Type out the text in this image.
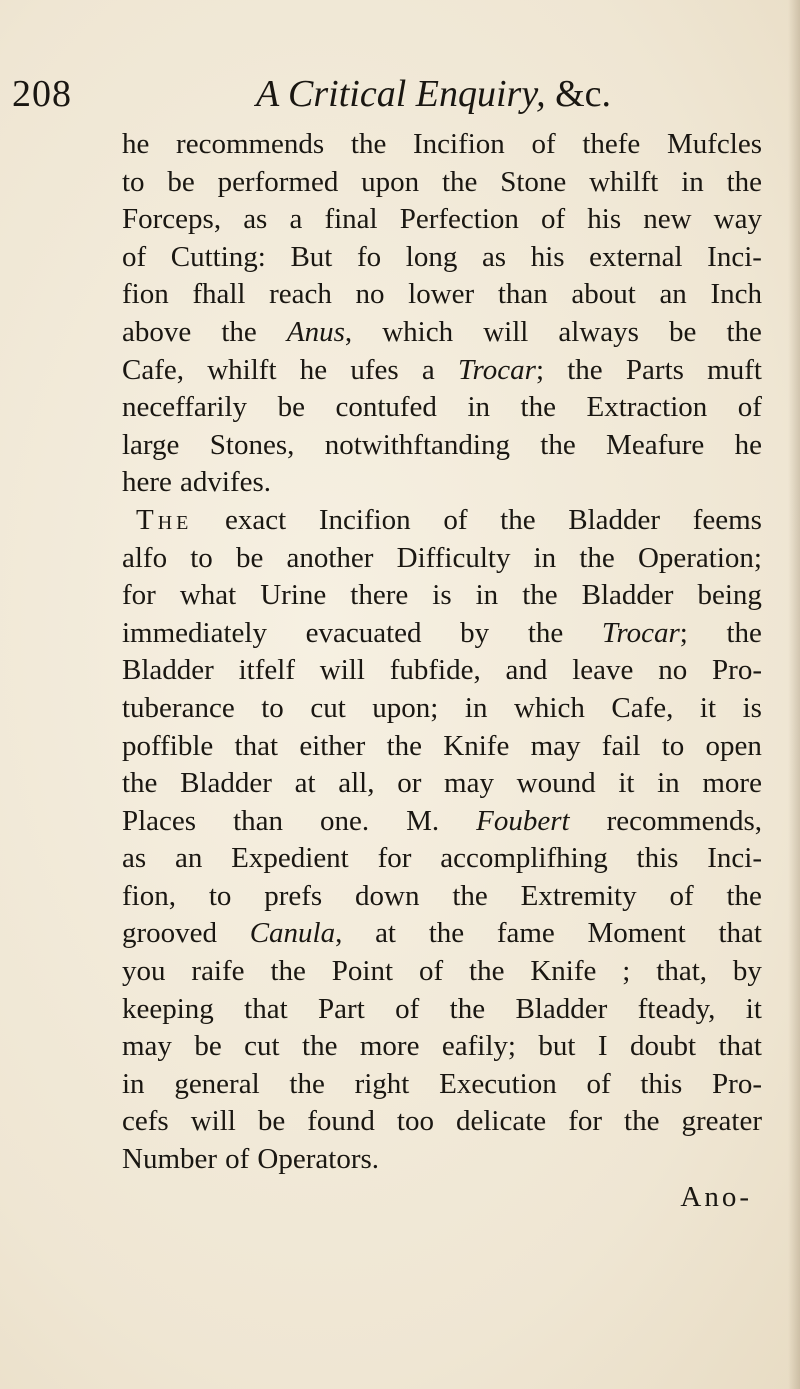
208	A Critical Enquiry, &c.
he recommends the Incifion of thefe Mufcles
to be performed upon the Stone whilft in the
Forceps, as a final Perfection of his new way
of Cutting: But fo long as his external Inci-
fion fhall reach no lower than about an Inch
above the Anus, which will always be the
Cafe, whilft he ufes a Trocar; the Parts muft
neceffarily be contufed in the Extraction of
large Stones, notwithftanding the Meafure he
here advifes.
The exact Incifion of the Bladder feems
alfo to be another Difficulty in the Operation;
for what Urine there is in the Bladder being
immediately evacuated by the Trocar; the
Bladder itfelf will fubfide, and leave no Pro-
tuberance to cut upon; in which Cafe, it is
poffible that either the Knife may fail to open
the Bladder at all, or may wound it in more
Places than one. M. Foubert recommends,
as an Expedient for accomplifhing this Inci-
fion, to prefs down the Extremity of the
grooved Canula, at the fame Moment that
you raife the Point of the Knife ; that, by
keeping that Part of the Bladder fteady, it
may be cut the more eafily; but I doubt that
in general the right Execution of this Pro-
cefs will be found too delicate for the greater
Number of Operators.
Ano-
